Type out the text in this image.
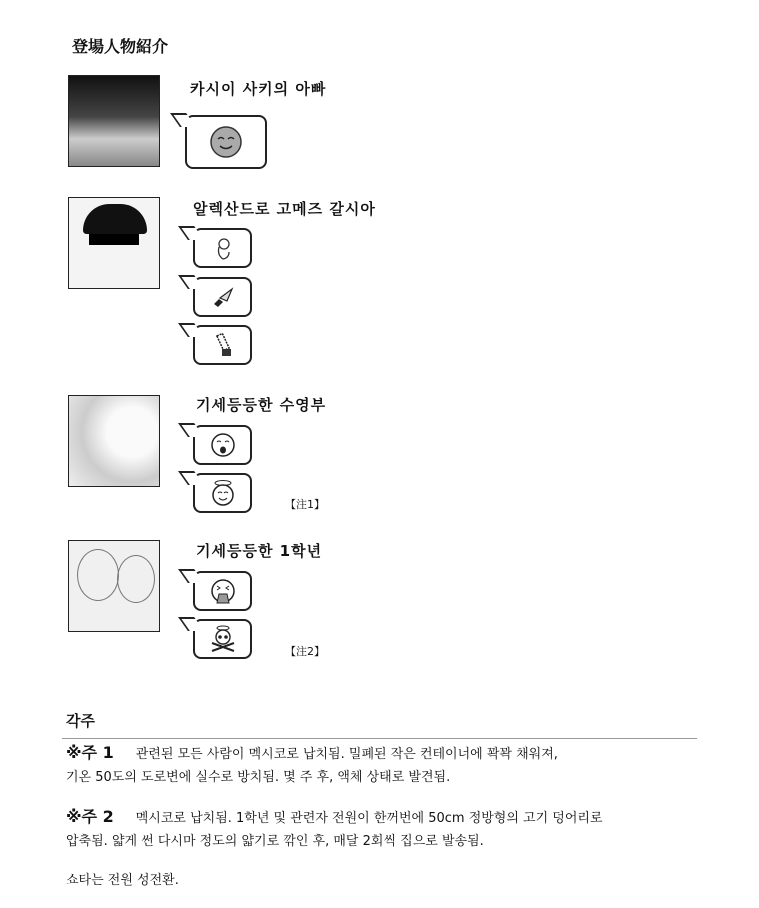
登場人物紹介
카시이 사키의 아빠
알렉산드로 고메즈 갈시아
기세등등한 수영부
【注1】
기세등등한 1학년
【注2】
각주
※주 1 관련된 모든 사람이 멕시코로 납치됨. 밀폐된 작은 컨테이너에 꽉꽉 채워져,
기온 50도의 도로변에 실수로 방치됨. 몇 주 후, 액체 상태로 발견됨.
※주 2 멕시코로 납치됨. 1학년 및 관련자 전원이 한꺼번에 50cm 정방형의 고기 덩어리로
압축됨. 얇게 썬 다시마 정도의 얇기로 깎인 후, 매달 2회씩 집으로 발송됨.
쇼타는 전원 성전환.
